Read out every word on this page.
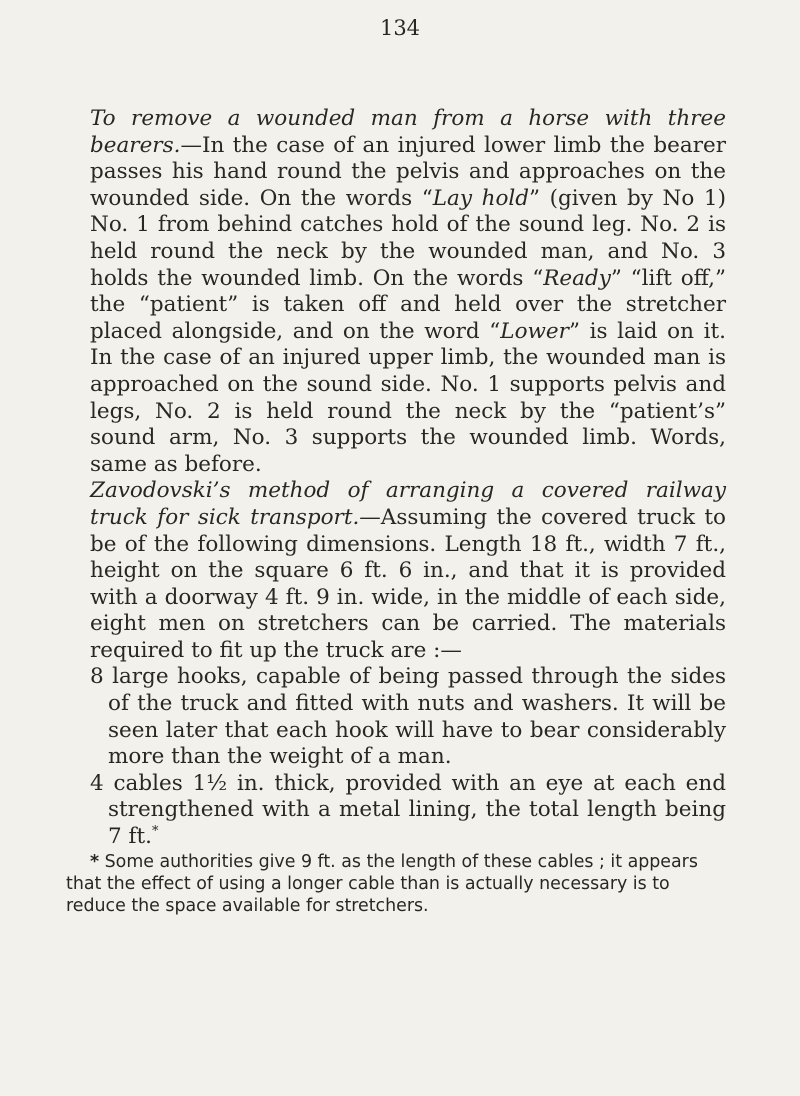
134

To remove a wounded man from a horse with three bearers.—In the case of an injured lower limb the bearer passes his hand round the pelvis and approaches on the wounded side. On the words “Lay hold” (given by No 1) No. 1 from behind catches hold of the sound leg. No. 2 is held round the neck by the wounded man, and No. 3 holds the wounded limb. On the words “Ready” “lift off,” the “patient” is taken off and held over the stretcher placed alongside, and on the word “Lower” is laid on it. In the case of an injured upper limb, the wounded man is approached on the sound side. No. 1 supports pelvis and legs, No. 2 is held round the neck by the “patient’s” sound arm, No. 3 supports the wounded limb. Words, same as before.

Zavodovski’s method of arranging a covered railway truck for sick transport.—Assuming the covered truck to be of the following dimensions. Length 18 ft., width 7 ft., height on the square 6 ft. 6 in., and that it is provided with a doorway 4 ft. 9 in. wide, in the middle of each side, eight men on stretchers can be carried. The materials required to fit up the truck are :—

8 large hooks, capable of being passed through the sides of the truck and fitted with nuts and washers. It will be seen later that each hook will have to bear considerably more than the weight of a man.

4 cables 1½ in. thick, provided with an eye at each end strengthened with a metal lining, the total length being 7 ft.*

* Some authorities give 9 ft. as the length of these cables ; it appears that the effect of using a longer cable than is actually necessary is to reduce the space available for stretchers.
